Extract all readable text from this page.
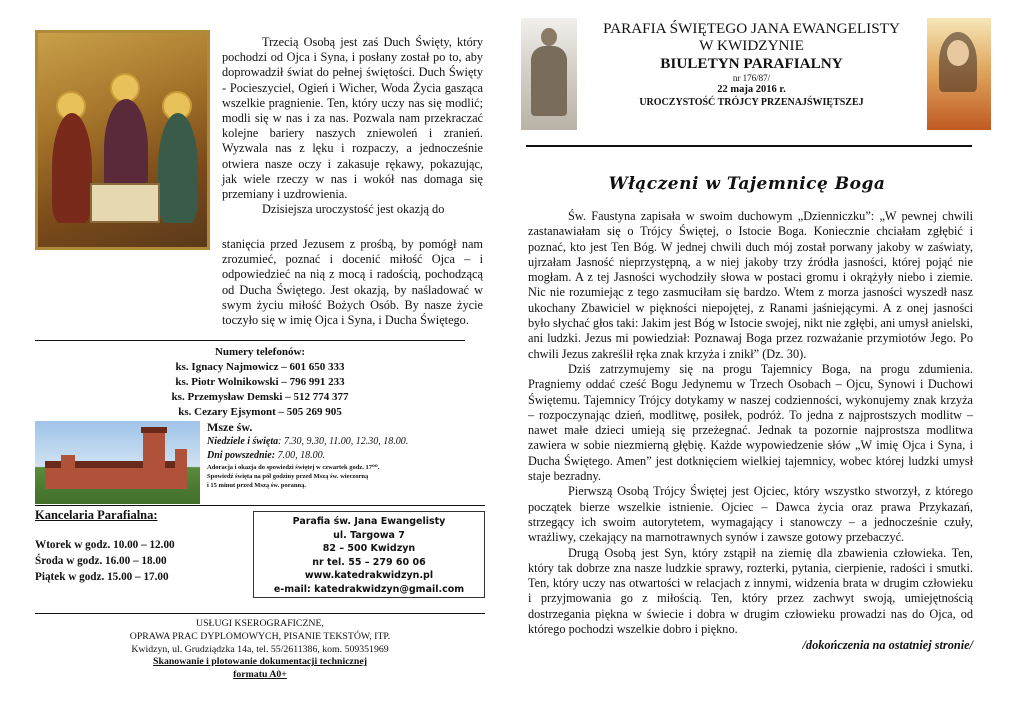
Trzecią Osobą jest zaś Duch Święty, który pochodzi od Ojca i Syna, i posłany został po to, aby doprowadził świat do pełnej świętości. Duch Święty - Pocieszyciel, Ogień i Wicher, Woda Życia gasząca wszelkie pragnienie. Ten, który uczy nas się modlić; modli się w nas i za nas. Pozwala nam przekraczać kolejne bariery naszych zniewoleń i zranień. Wyzwala nas z lęku i rozpaczy, a jednocześnie otwiera nasze oczy i zakasuje rękawy, pokazując, jak wiele rzeczy w nas i wokół nas domaga się przemiany i uzdrowienia.

Dzisiejsza uroczystość jest okazją do

stanięcia przed Jezusem z prośbą, by pomógł nam zrozumieć, poznać i docenić miłość Ojca – i odpowiedzieć na nią z mocą i radością, pochodzącą od Ducha Świętego. Jest okazją, by naśladować w swym życiu miłość Bożych Osób. By nasze życie toczyło się w imię Ojca i Syna, i Ducha Świętego.

Numery telefonów:
ks. Ignacy Najmowicz – 601 650 333
ks. Piotr Wolnikowski – 796 991 233
ks. Przemysław Demski – 512 774 377
ks. Cezary Ejsymont – 505 269 905
Msze św.
Niedziele i święta: 7.30, 9.30, 11.00, 12.30, 18.00.
Dni powszednie: 7.00, 18.00.
Adoracja i okazja do spowiedzi świętej w czwartek godz. 17⁰⁰.
Spowiedź święta na pół godziny przed Mszą św. wieczorną
i 15 minut przed Mszą św. poranną.
Kancelaria Parafialna:
Wtorek w godz. 10.00 – 12.00
Środa w godz. 16.00 – 18.00
Piątek w godz. 15.00 – 17.00
Parafia św. Jana Ewangelisty
ul. Targowa 7
82 – 500 Kwidzyn
nr tel. 55 – 279 60 06
www.katedrakwidzyn.pl
e-mail: katedrakwidzyn@gmail.com
USŁUGI KSEROGRAFICZNE,
OPRAWA PRAC DYPLOMOWYCH, PISANIE TEKSTÓW, ITP.
Kwidzyn, ul. Grudziądzka 14a, tel. 55/2611386, kom. 509351969
Skanowanie i plotowanie dokumentacji technicznej
formatu A0+
PARAFIA ŚWIĘTEGO JANA EWANGELISTY
W KWIDZYNIE
BIULETYN PARAFIALNY
nr 176/87/
22 maja 2016 r.
UROCZYSTOŚĆ TRÓJCY PRZENAJŚWIĘTSZEJ
Włączeni w Tajemnicę Boga

Św. Faustyna zapisała w swoim duchowym „Dzienniczku”: „W pewnej chwili zastanawiałam się o Trójcy Świętej, o Istocie Boga. Koniecznie chciałam zgłębić i poznać, kto jest Ten Bóg. W jednej chwili duch mój został porwany jakoby w zaświaty, ujrzałam Jasność nieprzystępną, a w niej jakoby trzy źródła jasności, której pojąć nie mogłam. A z tej Jasności wychodziły słowa w postaci gromu i okrążyły niebo i ziemie. Nic nie rozumiejąc z tego zasmuciłam się bardzo. Wtem z morza jasności wyszedł nasz ukochany Zbawiciel w piękności niepojętej, z Ranami jaśniejącymi. A z onej jasności było słychać głos taki: Jakim jest Bóg w Istocie swojej, nikt nie zgłębi, ani umysł anielski, ani ludzki. Jezus mi powiedział: Poznawaj Boga przez rozważanie przymiotów Jego. Po chwili Jezus zakreślił ręka znak krzyża i znikł” (Dz. 30).

Dziś zatrzymujemy się na progu Tajemnicy Boga, na progu zdumienia. Pragniemy oddać cześć Bogu Jedynemu w Trzech Osobach – Ojcu, Synowi i Duchowi Świętemu. Tajemnicy Trójcy dotykamy w naszej codzienności, wykonujemy znak krzyża – rozpoczynając dzień, modlitwę, posiłek, podróż. To jedna z najprostszych modlitw – nawet małe dzieci umieją się przeżegnać. Jednak ta pozornie najprostsza modlitwa zawiera w sobie niezmierną głębię. Każde wypowiedzenie słów „W imię Ojca i Syna, i Ducha Świętego. Amen” jest dotknięciem wielkiej tajemnicy, wobec której ludzki umysł staje bezradny.

Pierwszą Osobą Trójcy Świętej jest Ojciec, który wszystko stworzył, z którego początek bierze wszelkie istnienie. Ojciec – Dawca życia oraz prawa Przykazań, strzegący ich swoim autorytetem, wymagający i stanowczy – a jednocześnie czuły, wrażliwy, czekający na marnotrawnych synów i zawsze gotowy przebaczyć.

Drugą Osobą jest Syn, który zstąpił na ziemię dla zbawienia człowieka. Ten, który tak dobrze zna nasze ludzkie sprawy, rozterki, pytania, cierpienie, radości i smutki. Ten, który uczy nas otwartości w relacjach z innymi, widzenia brata w drugim człowieku i przyjmowania go z miłością. Ten, który przez zachwyt swoją, umiejętnością dostrzegania piękna w świecie i dobra w drugim człowieku prowadzi nas do Ojca, od którego pochodzi wszelkie dobro i piękno.

/dokończenia na ostatniej stronie/
